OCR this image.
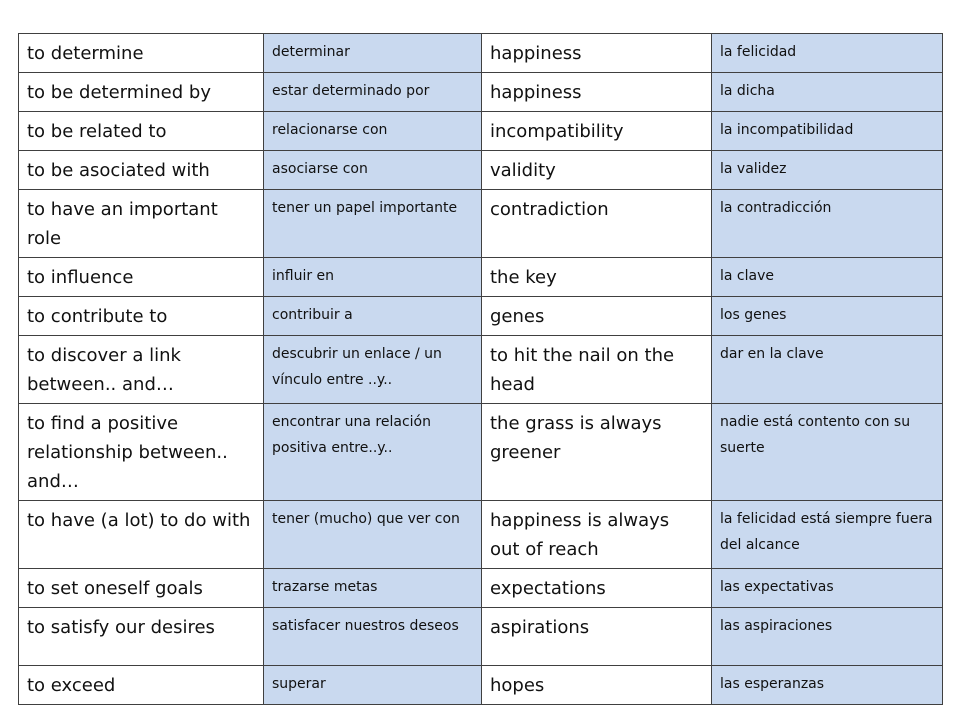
to determine	determinar	happiness	la felicidad
to be determined by	estar determinado por	happiness	la dicha
to be related to	relacionarse con	incompatibility	la incompatibilidad
to be asociated with	asociarse con	validity	la validez
to have an important role	tener un papel importante	contradiction	la contradicción
to influence	influir en	the key	la clave
to contribute to	contribuir a	genes	los genes
to discover a link between.. and…	descubrir un enlace / un vínculo entre ..y..	to hit the nail on the head	dar en la clave
to find a positive relationship between.. and…	encontrar una relación positiva entre..y..	the grass is always greener	nadie está contento con su suerte
to have (a lot) to do with	tener (mucho) que ver con	happiness is always out of reach	la felicidad está siempre fuera del alcance
to set oneself goals	trazarse metas	expectations	las expectativas
to satisfy our desires	satisfacer nuestros deseos	aspirations	las aspiraciones
to exceed	superar	hopes	las esperanzas
